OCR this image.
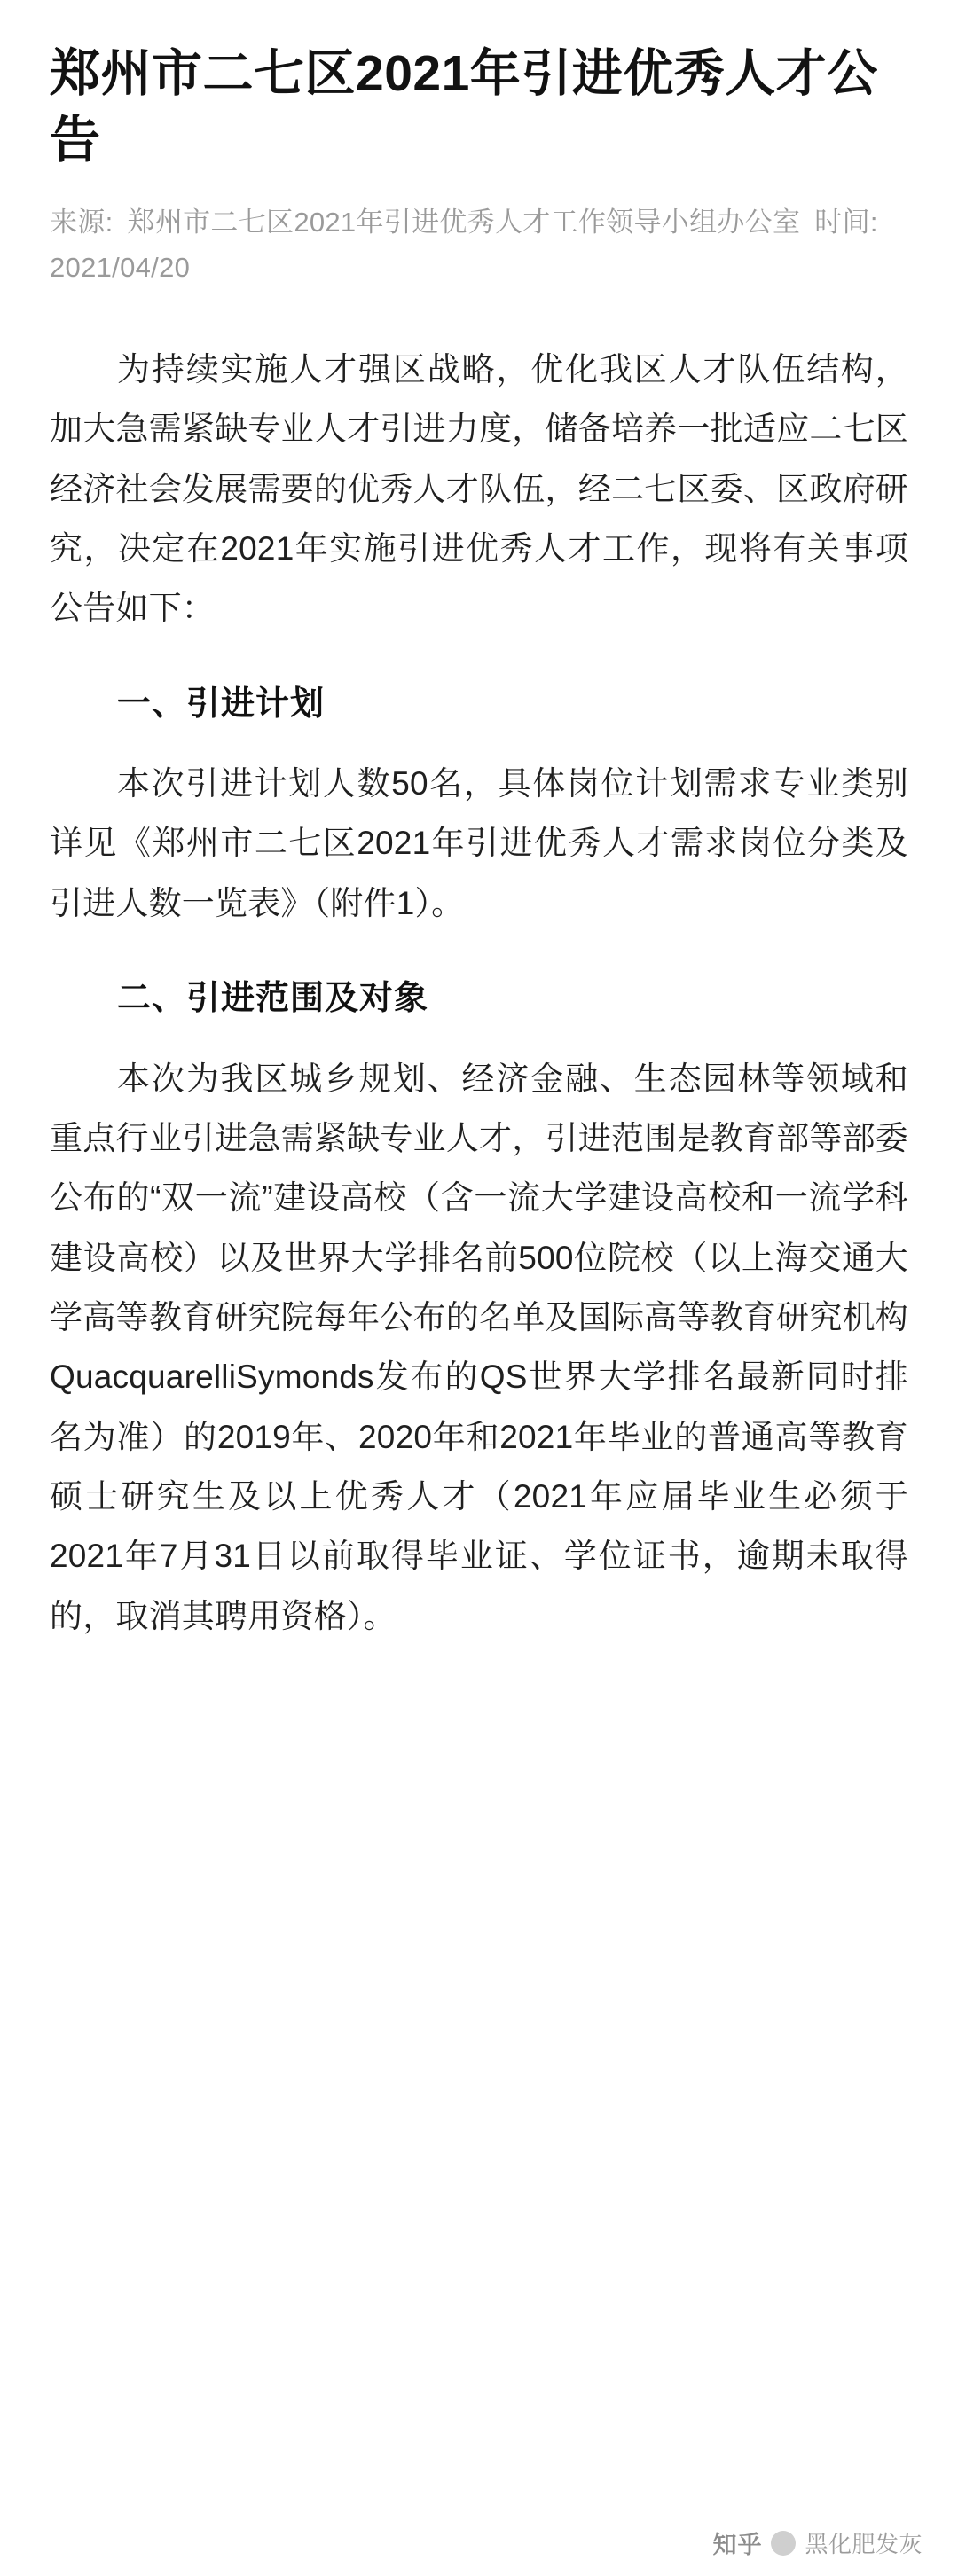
郑州市二七区2021年引进优秀人才公告
来源: 郑州市二七区2021年引进优秀人才工作领导小组办公室 时间:2021/04/20

为持续实施人才强区战略，优化我区人才队伍结构，加大急需紧缺专业人才引进力度，储备培养一批适应二七区经济社会发展需要的优秀人才队伍，经二七区委、区政府研究，决定在2021年实施引进优秀人才工作，现将有关事项公告如下：

一、引进计划

本次引进计划人数50名，具体岗位计划需求专业类别详见《郑州市二七区2021年引进优秀人才需求岗位分类及引进人数一览表》（附件1）。

二、引进范围及对象

本次为我区城乡规划、经济金融、生态园林等领域和重点行业引进急需紧缺专业人才，引进范围是教育部等部委公布的“双一流”建设高校（含一流大学建设高校和一流学科建设高校）以及世界大学排名前500位院校（以上海交通大学高等教育研究院每年公布的名单及国际高等教育研究机构QuacquarelliSymonds发布的QS世界大学排名最新同时排名为准）的2019年、2020年和2021年毕业的普通高等教育硕士研究生及以上优秀人才（2021年应届毕业生必须于2021年7月31日以前取得毕业证、学位证书，逾期未取得的，取消其聘用资格）。

知乎 黑化肥发灰
